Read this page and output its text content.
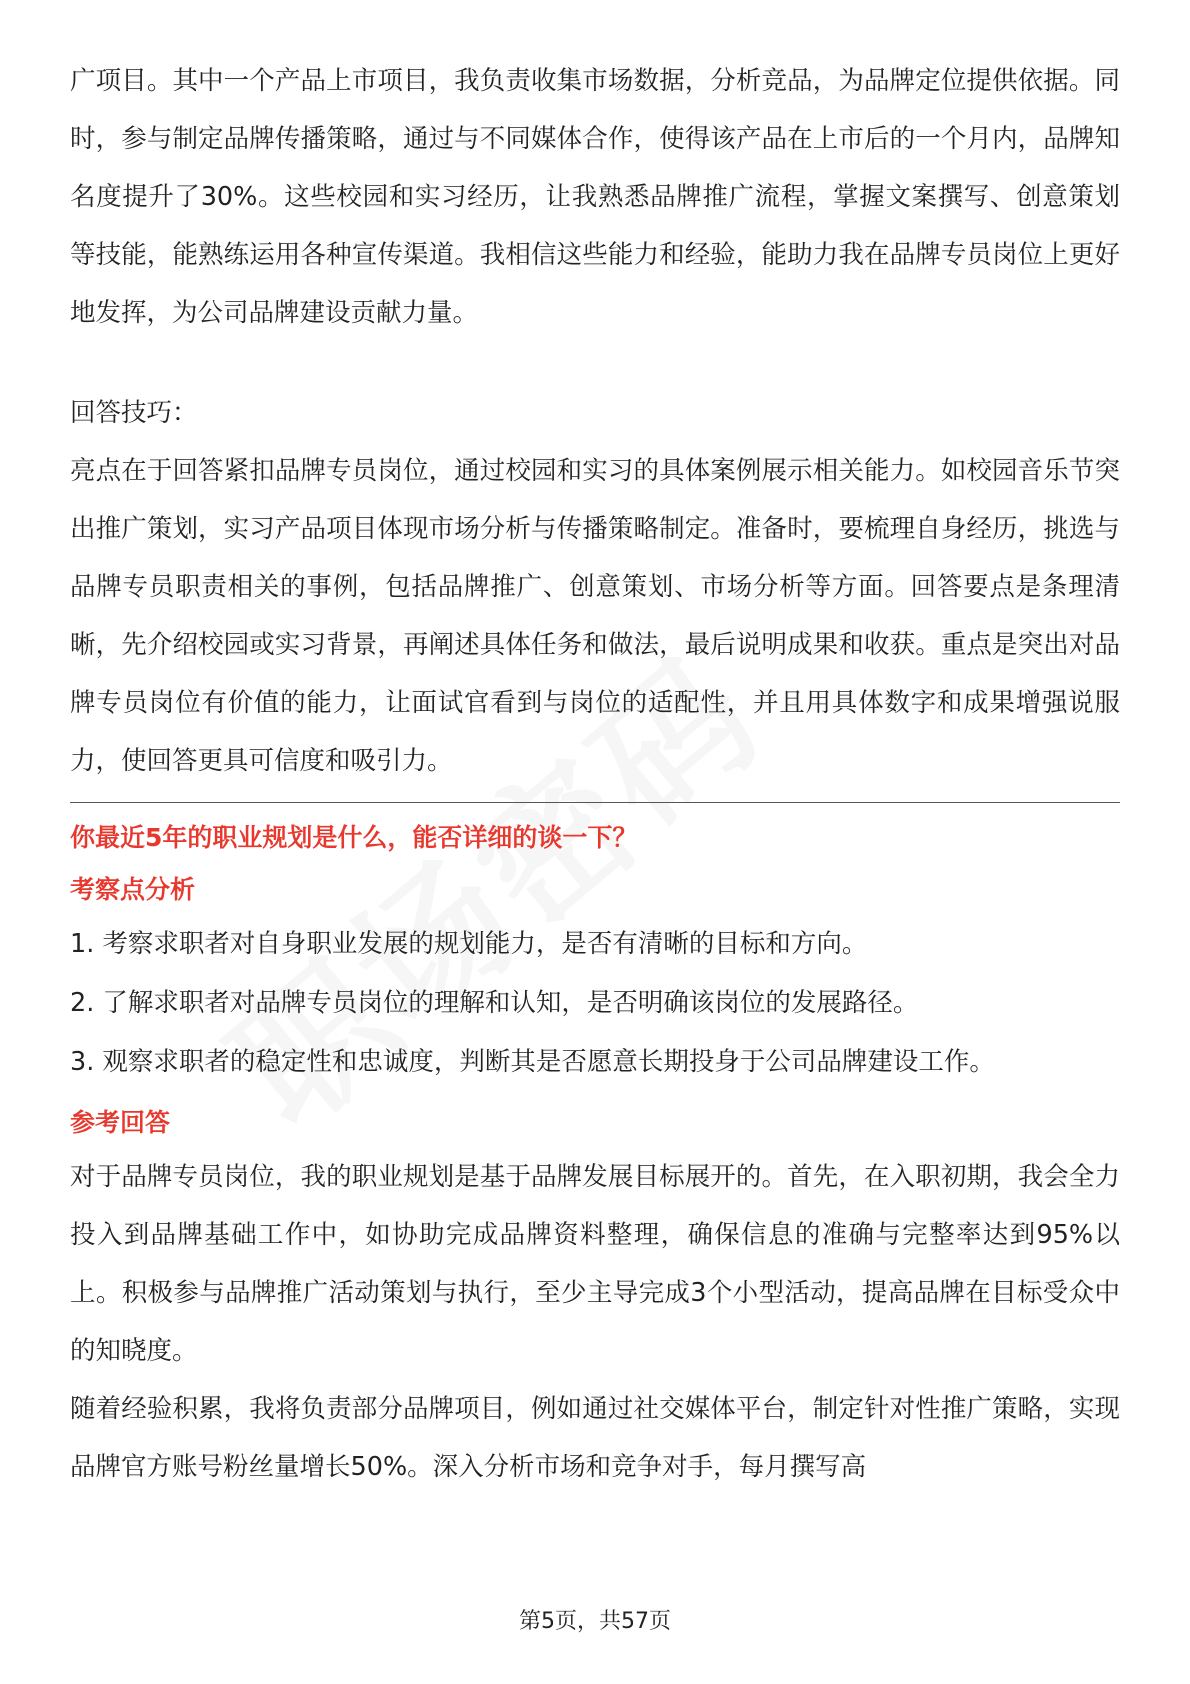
广项目。其中一个产品上市项目，我负责收集市场数据，分析竞品，为品牌定位提供依据。同时，参与制定品牌传播策略，通过与不同媒体合作，使得该产品在上市后的一个月内，品牌知名度提升了30%。这些校园和实习经历，让我熟悉品牌推广流程，掌握文案撰写、创意策划等技能，能熟练运用各种宣传渠道。我相信这些能力和经验，能助力我在品牌专员岗位上更好地发挥，为公司品牌建设贡献力量。

回答技巧：

亮点在于回答紧扣品牌专员岗位，通过校园和实习的具体案例展示相关能力。如校园音乐节突出推广策划，实习产品项目体现市场分析与传播策略制定。准备时，要梳理自身经历，挑选与品牌专员职责相关的事例，包括品牌推广、创意策划、市场分析等方面。回答要点是条理清晰，先介绍校园或实习背景，再阐述具体任务和做法，最后说明成果和收获。重点是突出对品牌专员岗位有价值的能力，让面试官看到与岗位的适配性，并且用具体数字和成果增强说服力，使回答更具可信度和吸引力。

你最近5年的职业规划是什么，能否详细的谈一下？

考察点分析

1. 考察求职者对自身职业发展的规划能力，是否有清晰的目标和方向。

2. 了解求职者对品牌专员岗位的理解和认知，是否明确该岗位的发展路径。

3. 观察求职者的稳定性和忠诚度，判断其是否愿意长期投身于公司品牌建设工作。

参考回答

对于品牌专员岗位，我的职业规划是基于品牌发展目标展开的。首先，在入职初期，我会全力投入到品牌基础工作中，如协助完成品牌资料整理，确保信息的准确与完整率达到95%以上。积极参与品牌推广活动策划与执行，至少主导完成3个小型活动，提高品牌在目标受众中的知晓度。

随着经验积累，我将负责部分品牌项目，例如通过社交媒体平台，制定针对性推广策略，实现品牌官方账号粉丝量增长50%。深入分析市场和竞争对手，每月撰写高

第5页，共57页
